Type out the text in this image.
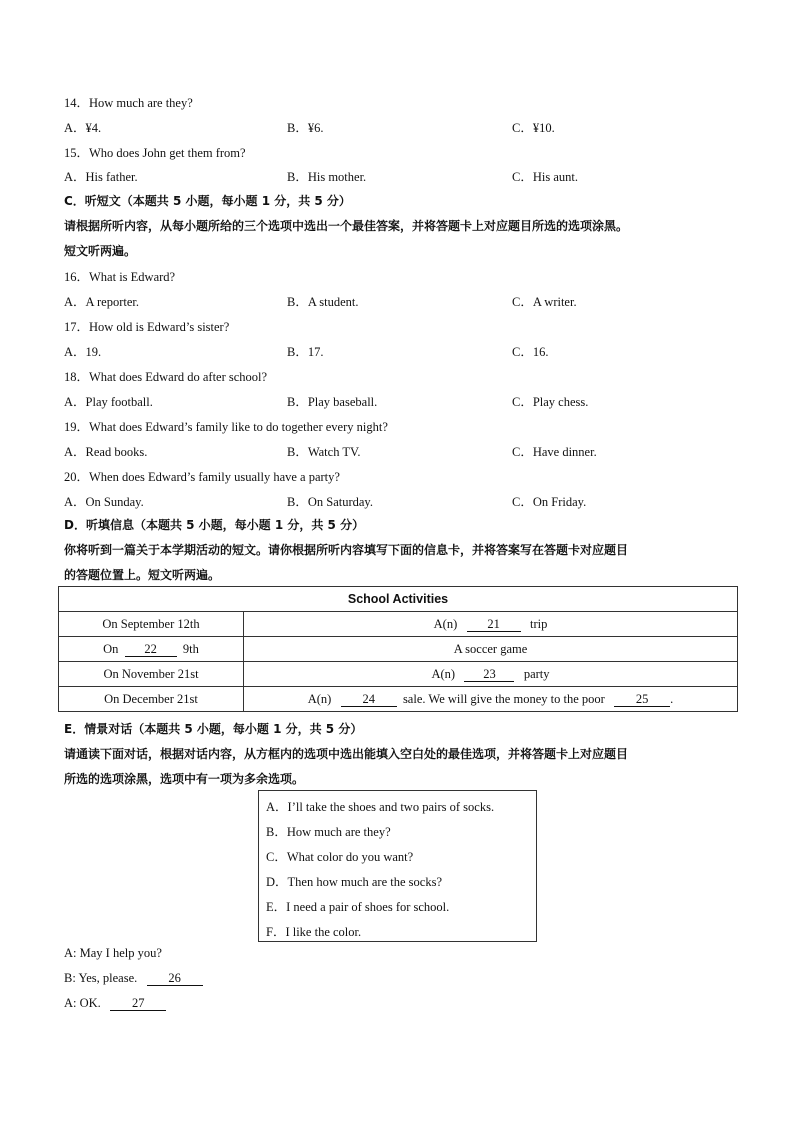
14．How much are they?
A．¥4.	B．¥6.	C．¥10.
15．Who does John get them from?
A．His father.	B．His mother.	C．His aunt.
C．听短文（本题共 5 小题，每小题 1 分，共 5 分）
请根据所听内容，从每小题所给的三个选项中选出一个最佳答案，并将答题卡上对应题目所选的选项涂黑。
短文听两遍。
16．What is Edward?
A．A reporter.	B．A student.	C．A writer.
17．How old is Edward’s sister?
A．19.	B．17.	C．16.
18．What does Edward do after school?
A．Play football.	B．Play baseball.	C．Play chess.
19．What does Edward’s family like to do together every night?
A．Read books.	B．Watch TV.	C．Have dinner.
20．When does Edward’s family usually have a party?
A．On Sunday.	B．On Saturday.	C．On Friday.
D．听填信息（本题共 5 小题，每小题 1 分，共 5 分）
你将听到一篇关于本学期活动的短文。请你根据所听内容填写下面的信息卡，并将答案写在答题卡对应题目
的答题位置上。短文听两遍。
School Activities	
On September 12th	A(n) 21 trip
On 22 9th	A soccer game
On November 21st	A(n) 23 party
On December 21st	A(n) 24 sale. We will give the money to the poor 25 .
E．情景对话（本题共 5 小题，每小题 1 分，共 5 分）
请通读下面对话，根据对话内容，从方框内的选项中选出能填入空白处的最佳选项，并将答题卡上对应题目
所选的选项涂黑，选项中有一项为多余选项。
A．I’ll take the shoes and two pairs of socks.
B．How much are they?
C．What color do you want?
D．Then how much are the socks?
E．I need a pair of shoes for school.
F．I like the color.
A: May I help you?
B: Yes, please. 26
A: OK. 27
